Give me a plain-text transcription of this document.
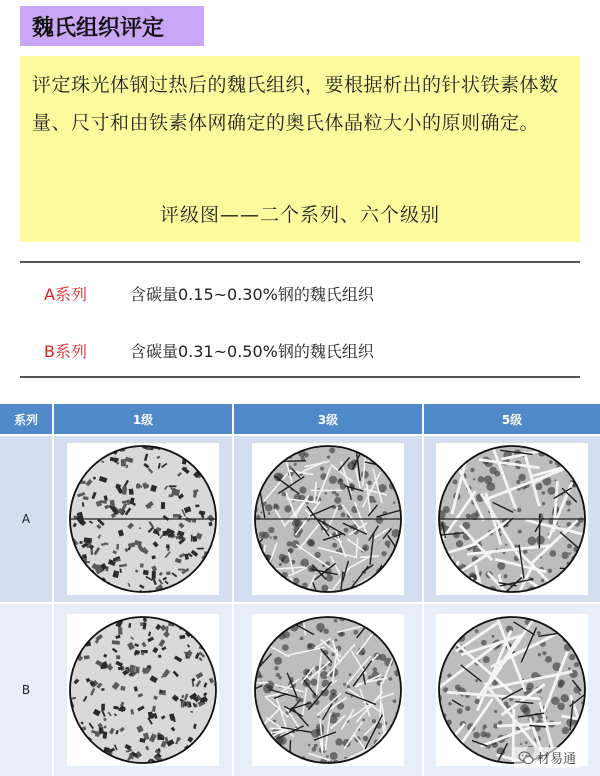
魏氏组织评定
评定珠光体钢过热后的魏氏组织，要根据析出的针状铁素体数量、尺寸和由铁素体网确定的奥氏体晶粒大小的原则确定。
评级图——二个系列、六个级别
A系列	含碳量0.15~0.30%钢的魏氏组织
B系列	含碳量0.31~0.50%钢的魏氏组织
系列	1级	3级	5级
A
B
材易通
